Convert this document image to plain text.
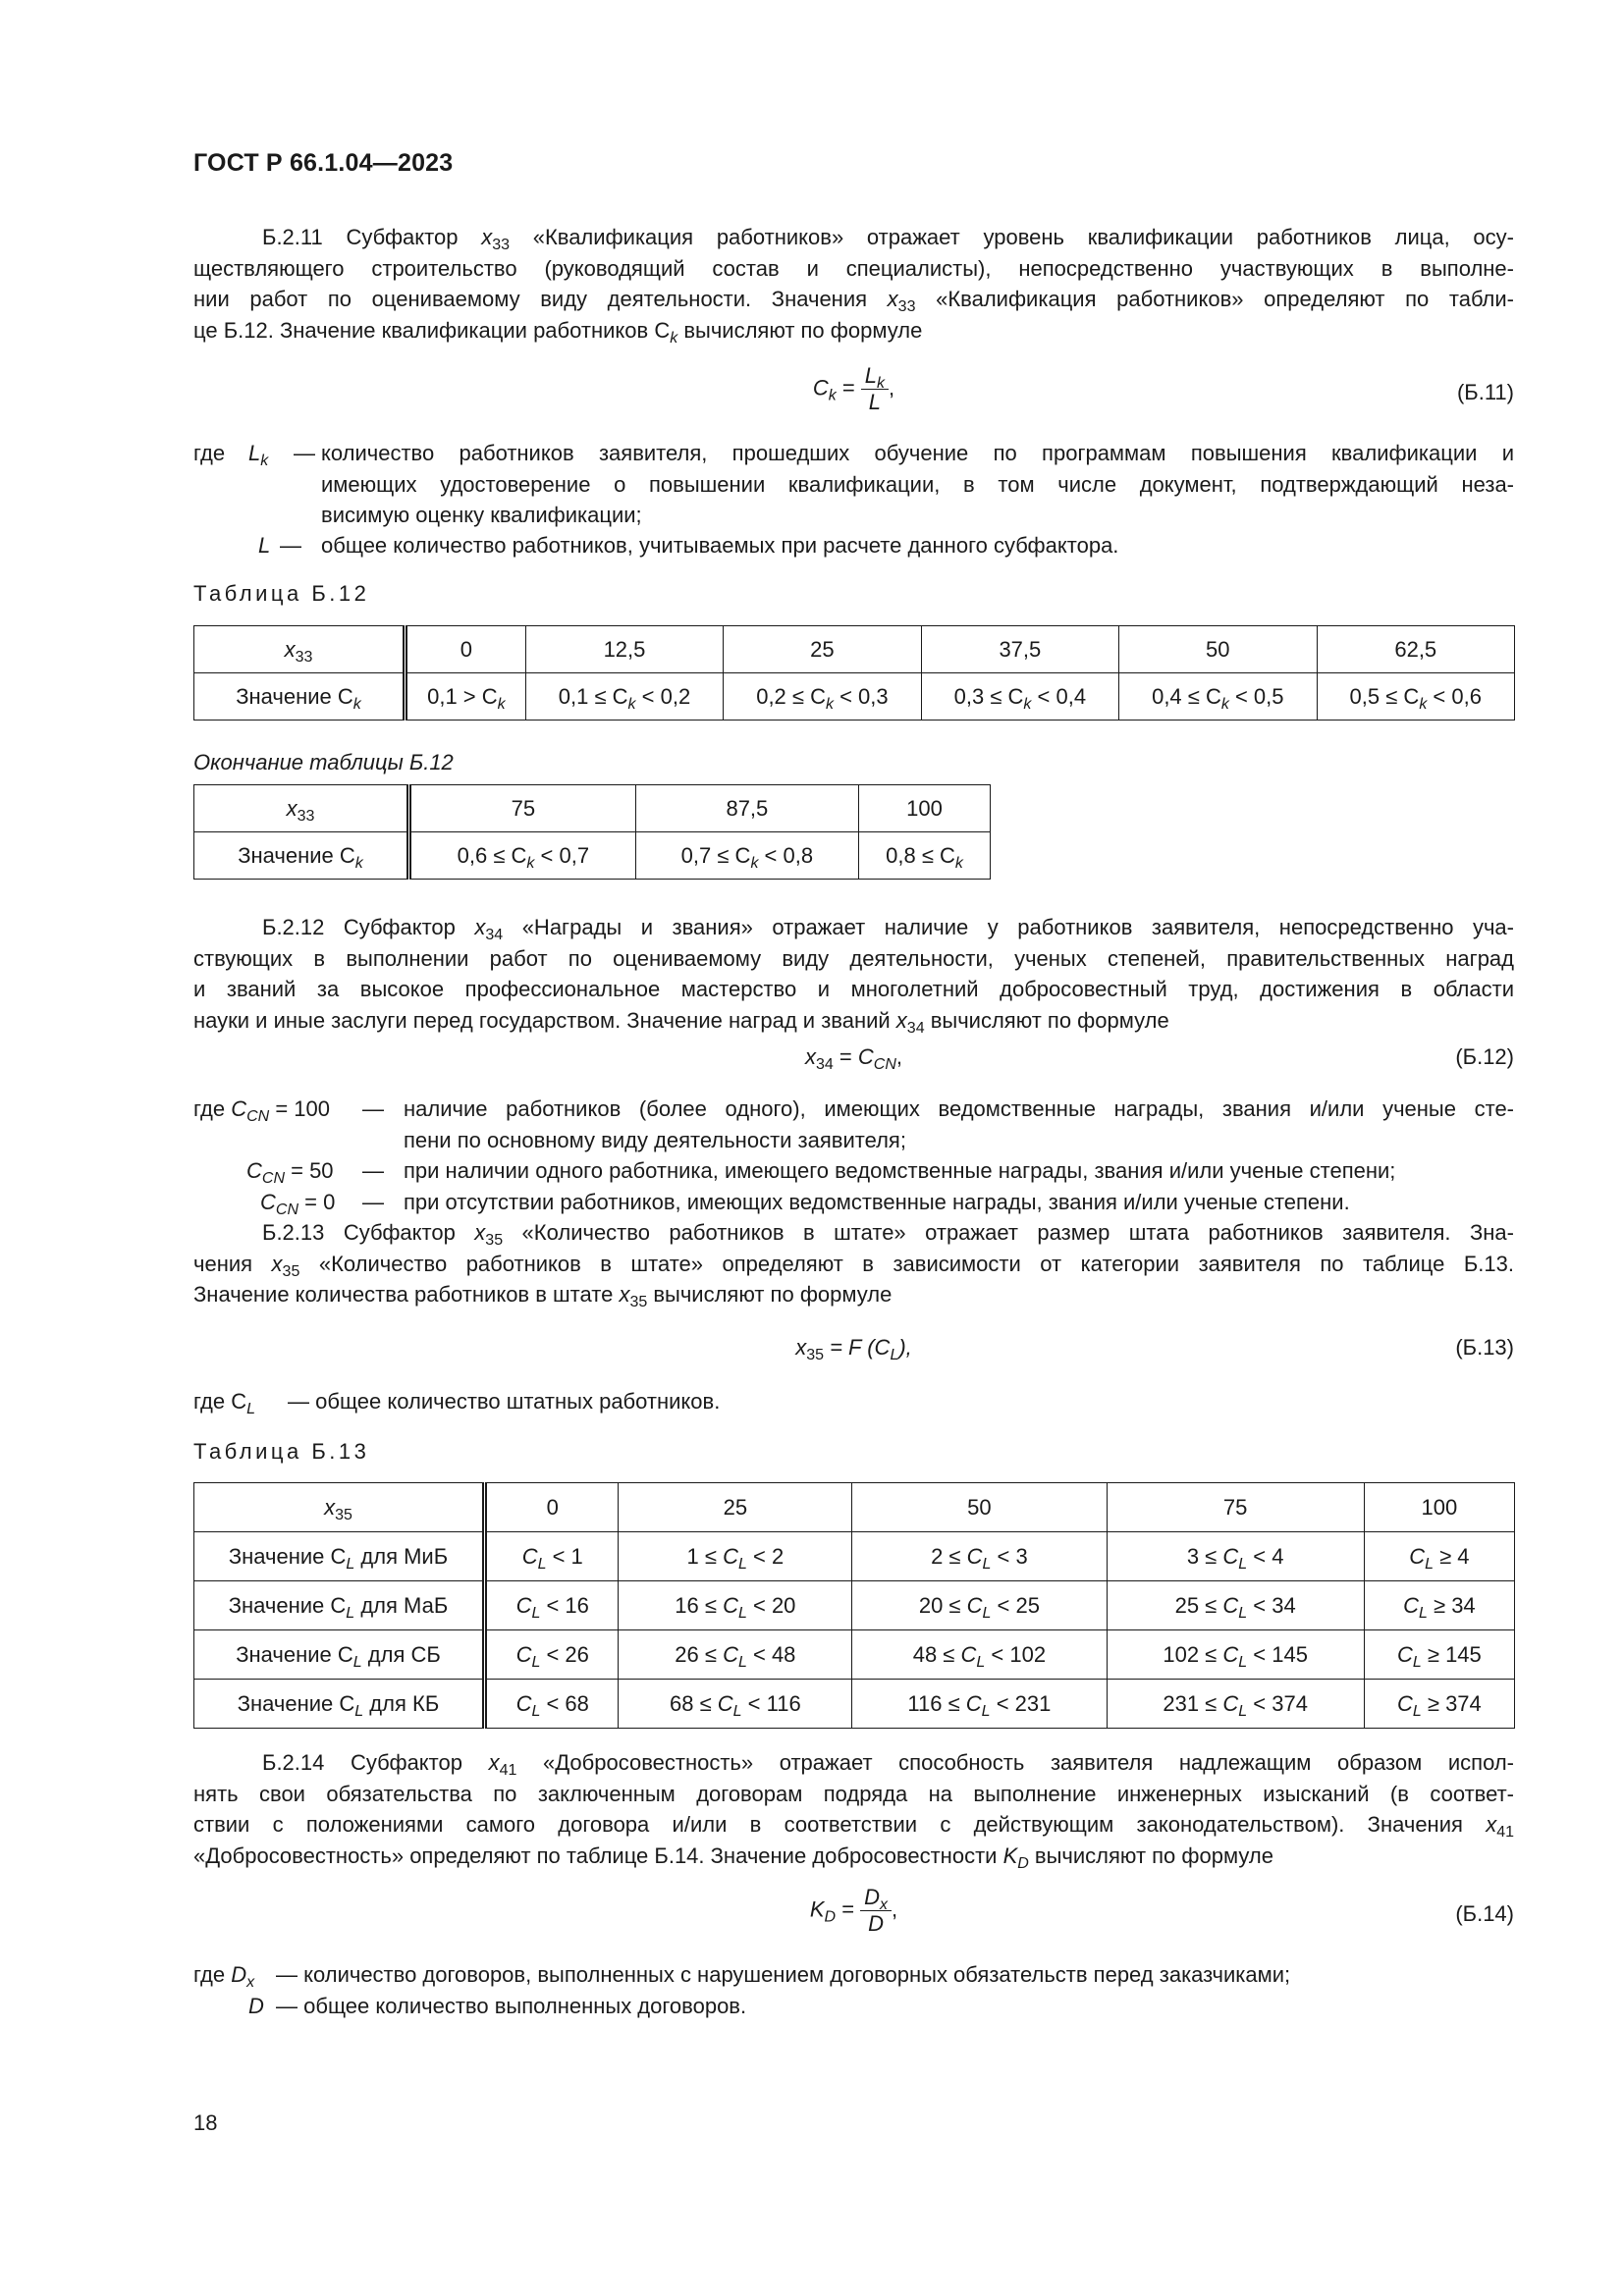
ГОСТ Р 66.1.04—2023
Б.2.11 Субфактор $x_{33}$ «Квалификация работников» отражает уровень квалификации работников лица, осу-
ществляющего строительство (руководящий состав и специалисты), непосредственно участвующих в выполне-
нии работ по оцениваемому виду деятельности. Значения $x_{33}$ «Квалификация работников» определяют по табли-
це Б.12. Значение квалификации работников $С_k$ вычисляют по формуле
$C_k = \frac{L_k}{L}$ ,	(Б.11)
где $L_k$ — количество работников заявителя, прошедших обучение по программам повышения квалификации и
имеющих удостоверение о повышении квалификации, в том числе документ, подтверждающий неза-
висимую оценку квалификации;
L — общее количество работников, учитываемых при расчете данного субфактора.
Таблица Б.12
$x_{33}$	0	12,5	25	37,5	50	62,5
Значение $C_k$	$0,1 > C_k$	$0,1 \le C_k < 0,2$	$0,2 \le C_k < 0,3$	$0,3 \le C_k < 0,4$	$0,4 \le C_k < 0,5$	$0,5 \le C_k < 0,6$
Окончание таблицы Б.12
$x_{33}$	75	87,5	100
Значение $C_k$	$0,6 \le C_k < 0,7$	$0,7 \le C_k < 0,8$	$0,8 \le C_k$
Б.2.12 Субфактор $x_{34}$ «Награды и звания» отражает наличие у работников заявителя, непосредственно уча-
ствующих в выполнении работ по оцениваемому виду деятельности, ученых степеней, правительственных наград
и званий за высокое профессиональное мастерство и многолетний добросовестный труд, достижения в области
науки и иные заслуги перед государством. Значение наград и званий $x_{34}$ вычисляют по формуле
$x_{34} = C_{CN}$,	(Б.12)
где $C_{CN} = 100$ — наличие работников (более одного), имеющих ведомственные награды, звания и/или ученые сте-
пени по основному виду деятельности заявителя;
$C_{CN} = 50$ — при наличии одного работника, имеющего ведомственные награды, звания и/или ученые степени;
$C_{CN} = 0$ — при отсутствии работников, имеющих ведомственные награды, звания и/или ученые степени.
Б.2.13 Субфактор $x_{35}$ «Количество работников в штате» отражает размер штата работников заявителя. Зна-
чения $x_{35}$ «Количество работников в штате» определяют в зависимости от категории заявителя по таблице Б.13.
Значение количества работников в штате $x_{35}$ вычисляют по формуле
$x_{35} = F$ $(C_L)$,	(Б.13)
где $C_L$ — общее количество штатных работников.
Таблица Б.13
$x_{35}$	0	25	50	75	100
Значение $C_L$ для МиБ	$C_L < 1$	$1 \le C_L < 2$	$2 \le C_L < 3$	$3 \le C_L < 4$	$C_L \ge 4$
Значение $C_L$ для МаБ	$C_L < 16$	$16 \le C_L < 20$	$20 \le C_L < 25$	$25 \le C_L < 34$	$C_L \ge 34$
Значение $C_L$ для СБ	$C_L < 26$	$26 \le C_L < 48$	$48 \le C_L < 102$	$102 \le C_L < 145$	$C_L \ge 145$
Значение $C_L$ для КБ	$C_L < 68$	$68 \le C_L < 116$	$116 \le C_L < 231$	$231 \le C_L < 374$	$C_L \ge 374$
Б.2.14 Субфактор $x_{41}$ «Добросовестность» отражает способность заявителя надлежащим образом испол-
нять свои обязательства по заключенным договорам подряда на выполнение инженерных изысканий (в соответ-
ствии с положениями самого договора и/или в соответствии с действующим законодательством). Значения $x_{41}$
«Добросовестность» определяют по таблице Б.14. Значение добросовестности $K_D$ вычисляют по формуле
$K_D = \frac{D_x}{D}$ ,	(Б.14)
где $D_x$ — количество договоров, выполненных с нарушением договорных обязательств перед заказчиками;
D — общее количество выполненных договоров.
18
